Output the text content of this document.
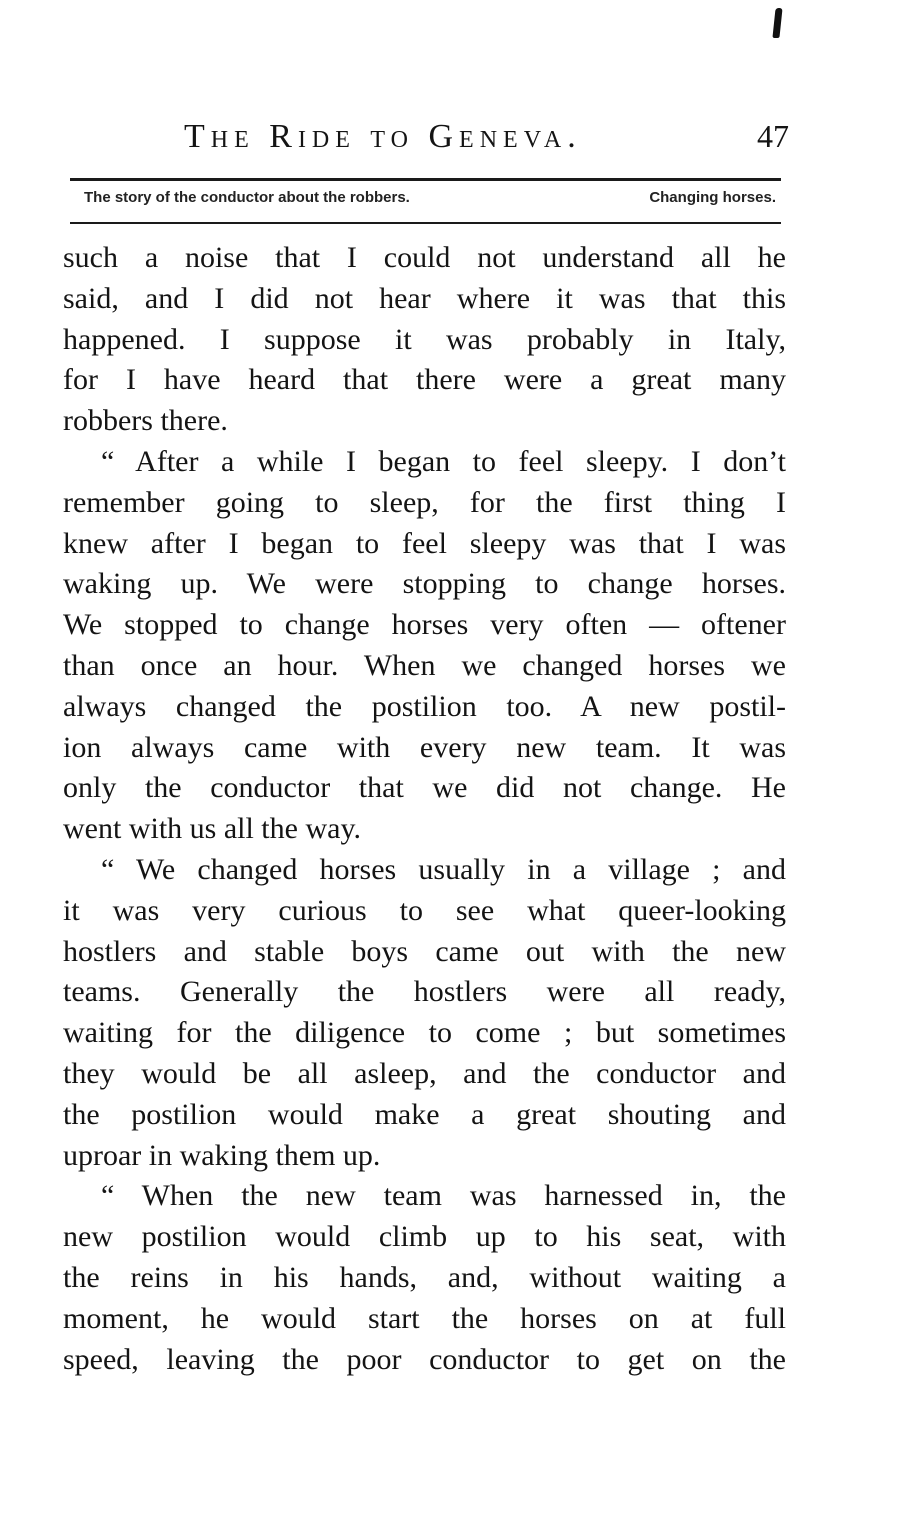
The Ride to Geneva.	47
The story of the conductor about the robbers.	Changing horses.
such a noise that I could not understand all he
said, and I did not hear where it was that this
happened. I suppose it was probably in Italy,
for I have heard that there were a great many
robbers there.
“ After a while I began to feel sleepy. I don’t
remember going to sleep, for the first thing I
knew after I began to feel sleepy was that I was
waking up. We were stopping to change horses.
We stopped to change horses very often — oftener
than once an hour. When we changed horses we
always changed the postilion too. A new postil-
ion always came with every new team. It was
only the conductor that we did not change. He
went with us all the way.
“ We changed horses usually in a village ; and
it was very curious to see what queer-looking
hostlers and stable boys came out with the new
teams. Generally the hostlers were all ready,
waiting for the diligence to come ; but sometimes
they would be all asleep, and the conductor and
the postilion would make a great shouting and
uproar in waking them up.
“ When the new team was harnessed in, the
new postilion would climb up to his seat, with
the reins in his hands, and, without waiting a
moment, he would start the horses on at full
speed, leaving the poor conductor to get on the
